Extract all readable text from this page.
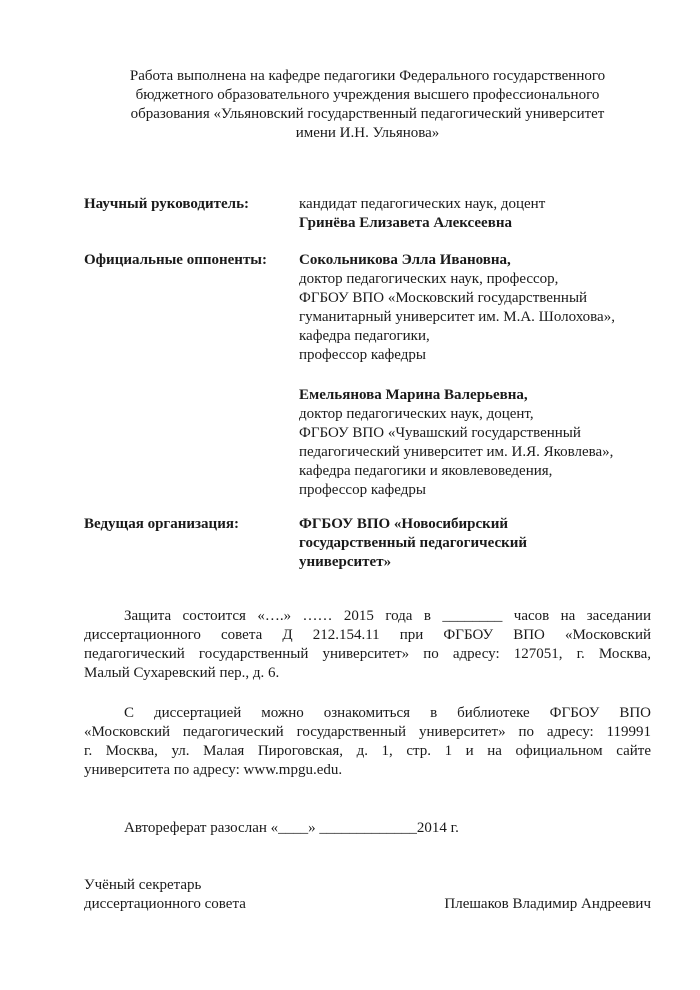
Работа выполнена на кафедре педагогики Федерального государственного
бюджетного образовательного учреждения высшего профессионального
образования «Ульяновский государственный педагогический университет
имени И.Н. Ульянова»
Научный руководитель:	кандидат педагогических наук, доцент
Гринёва Елизавета Алексеевна
Официальные оппоненты: Сокольникова Элла Ивановна,
доктор педагогических наук, профессор,
ФГБОУ ВПО «Московский государственный
гуманитарный университет им. М.А. Шолохова»,
кафедра педагогики,
профессор кафедры
Емельянова Марина Валерьевна,
доктор педагогических наук, доцент,
ФГБОУ ВПО «Чувашский государственный
педагогический университет им. И.Я. Яковлева»,
кафедра педагогики и яковлевоведения,
профессор кафедры
Ведущая организация:	ФГБОУ ВПО «Новосибирский
государственный педагогический
университет»
Защита состоится «….» …… 2015 года в ________ часов на заседании
диссертационного совета Д 212.154.11 при ФГБОУ ВПО «Московский
педагогический государственный университет» по адресу: 127051, г. Москва,
Малый Сухаревский пер., д. 6.
С диссертацией можно ознакомиться в библиотеке ФГБОУ ВПО
«Московский педагогический государственный университет» по адресу: 119991
г. Москва, ул. Малая Пироговская, д. 1, стр. 1 и на официальном сайте
университета по адресу: www.mpgu.edu.
Автореферат разослан «____» _____________2014 г.
Учёный секретарь
диссертационного совета	Плешаков Владимир Андреевич
